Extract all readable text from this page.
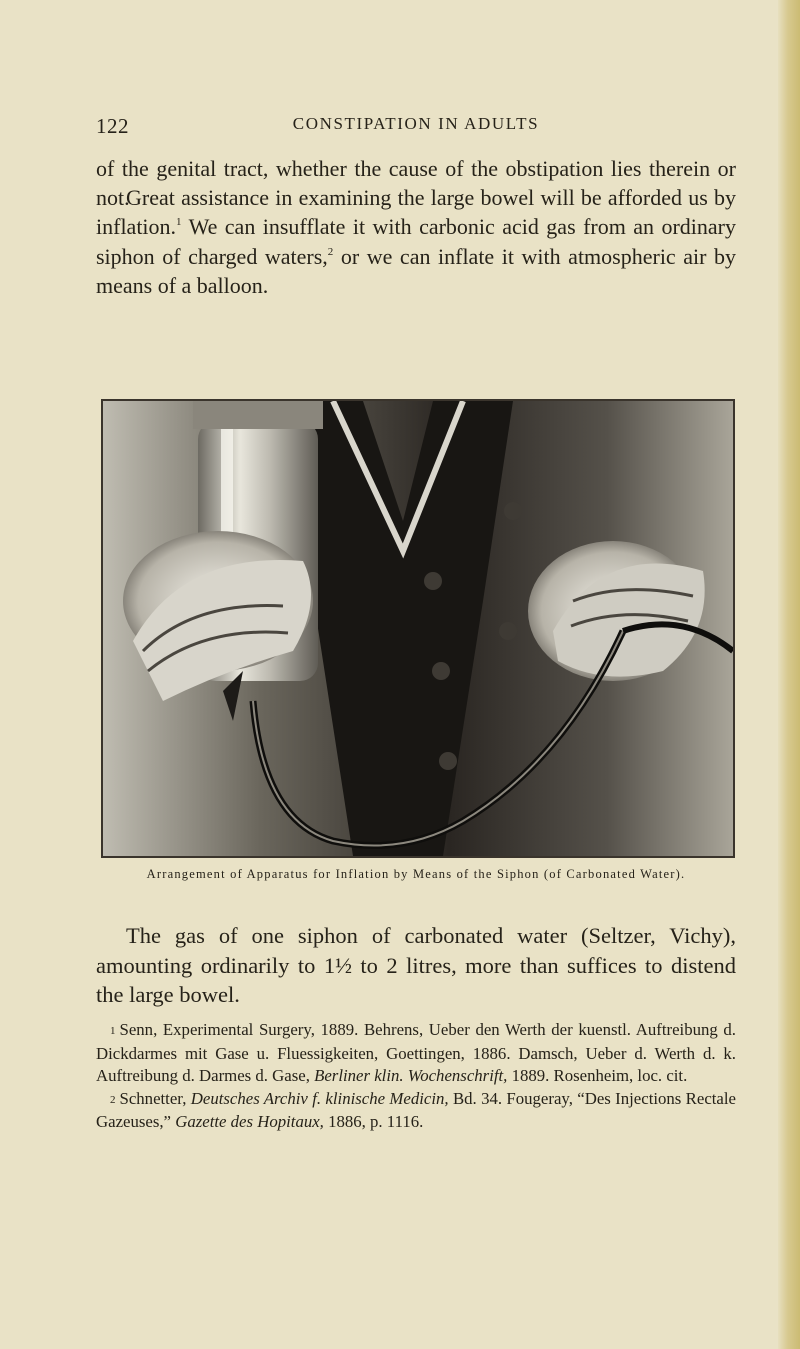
122	CONSTIPATION IN ADULTS

of the genital tract, whether the cause of the obstipation lies therein or not.

Great assistance in examining the large bowel will be afforded us by inflation.$^1$ We can insufflate it with carbonic acid gas from an ordinary siphon of charged waters,$^2$ or we can inflate it with atmospheric air by means of a balloon.

Arrangement of Apparatus for Inflation by Means of the Siphon (of Carbonated Water).

The gas of one siphon of carbonated water (Seltzer, Vichy), amounting ordinarily to 1½ to 2 litres, more than suffices to distend the large bowel.

1 Senn, Experimental Surgery, 1889. Behrens, Ueber den Werth der kuenstl. Auftreibung d. Dickdarmes mit Gase u. Fluessigkeiten, Goettingen, 1886. Damsch, Ueber d. Werth d. k. Auftreibung d. Darmes d. Gase, Berliner klin. Wochenschrift, 1889. Rosenheim, loc. cit.

2 Schnetter, Deutsches Archiv f. klinische Medicin, Bd. 34. Fougeray, “Des Injections Rectale Gazeuses,” Gazette des Hopitaux, 1886, p. 1116.
